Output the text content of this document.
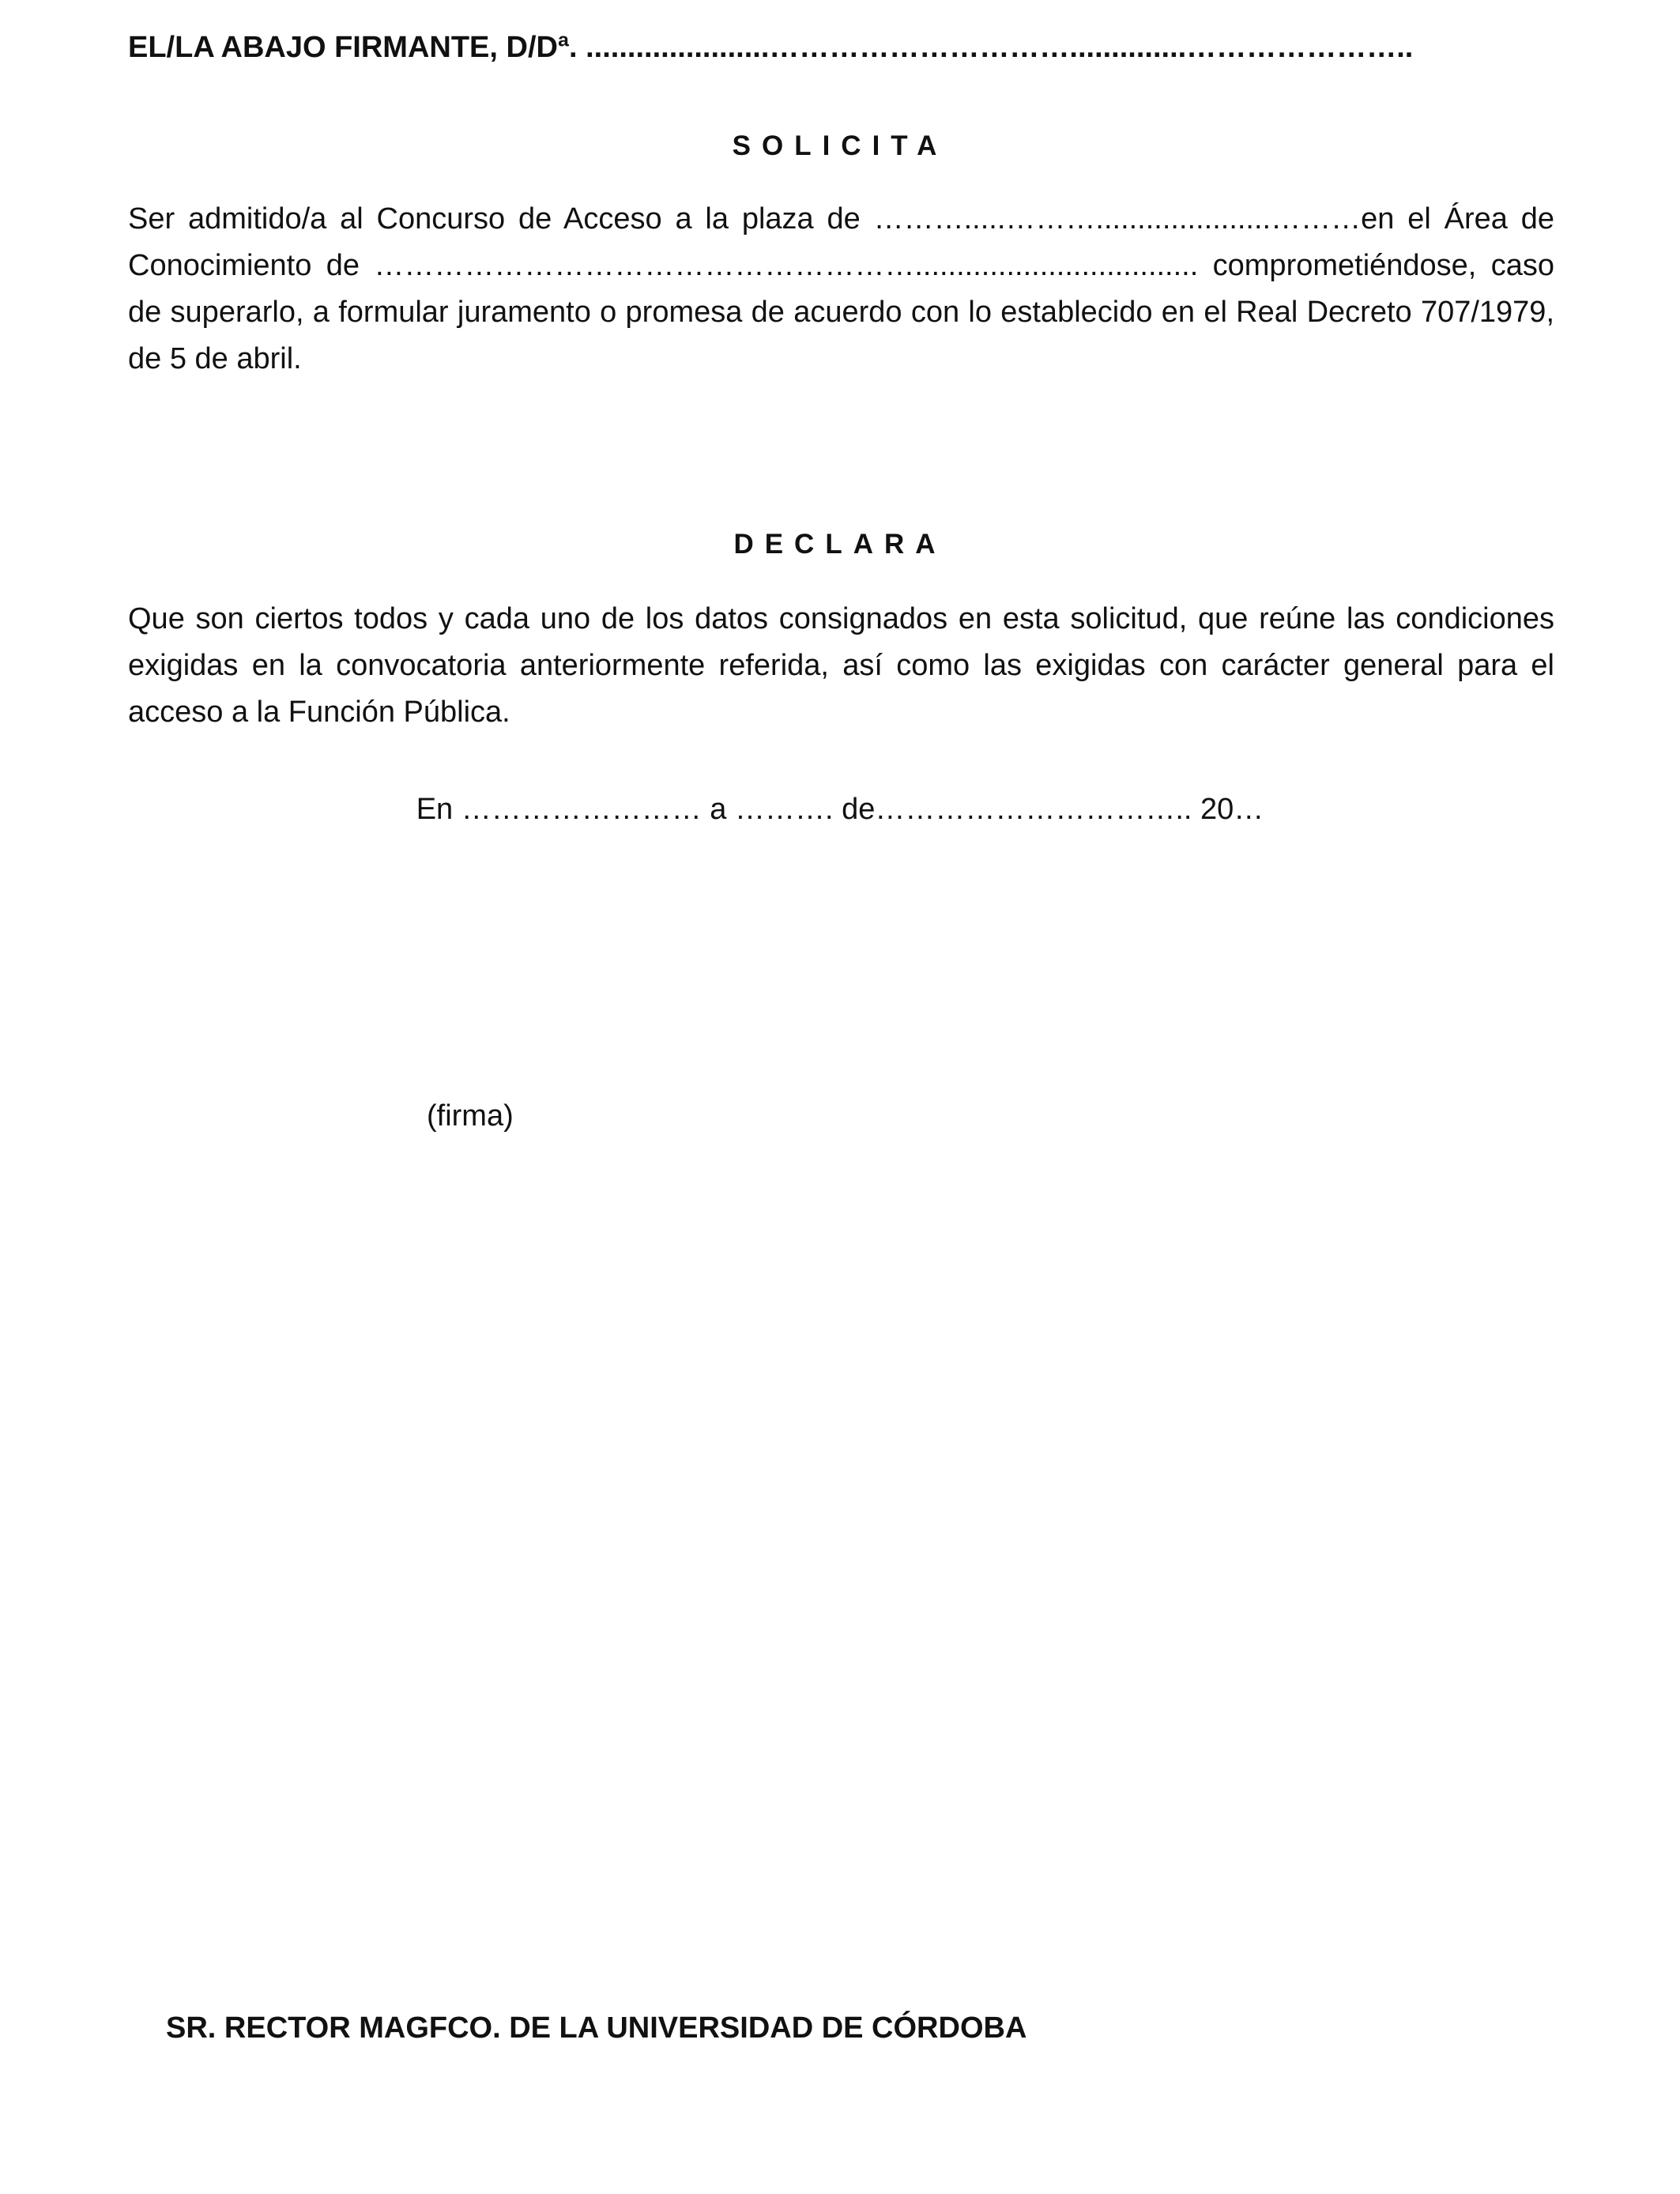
EL/LA ABAJO FIRMANTE, D/Dª. ......................…………………………..............…………………..
SOLICITA
Ser admitido/a al Concurso de Acceso a la plaza de ……….....……….....................………en el Área de Conocimiento de ……………………………………………….................................. comprometiéndose, caso de superarlo, a formular juramento o promesa de acuerdo con lo establecido en el Real Decreto 707/1979, de 5 de abril.
DECLARA
Que son ciertos todos y cada uno de los datos consignados en esta solicitud, que reúne las condiciones exigidas en la convocatoria anteriormente referida, así como las exigidas con carácter general para el acceso a la Función Pública.
En …………………… a ………. de………………………….. 20…
(firma)
SR. RECTOR MAGFCO. DE LA UNIVERSIDAD DE CÓRDOBA
